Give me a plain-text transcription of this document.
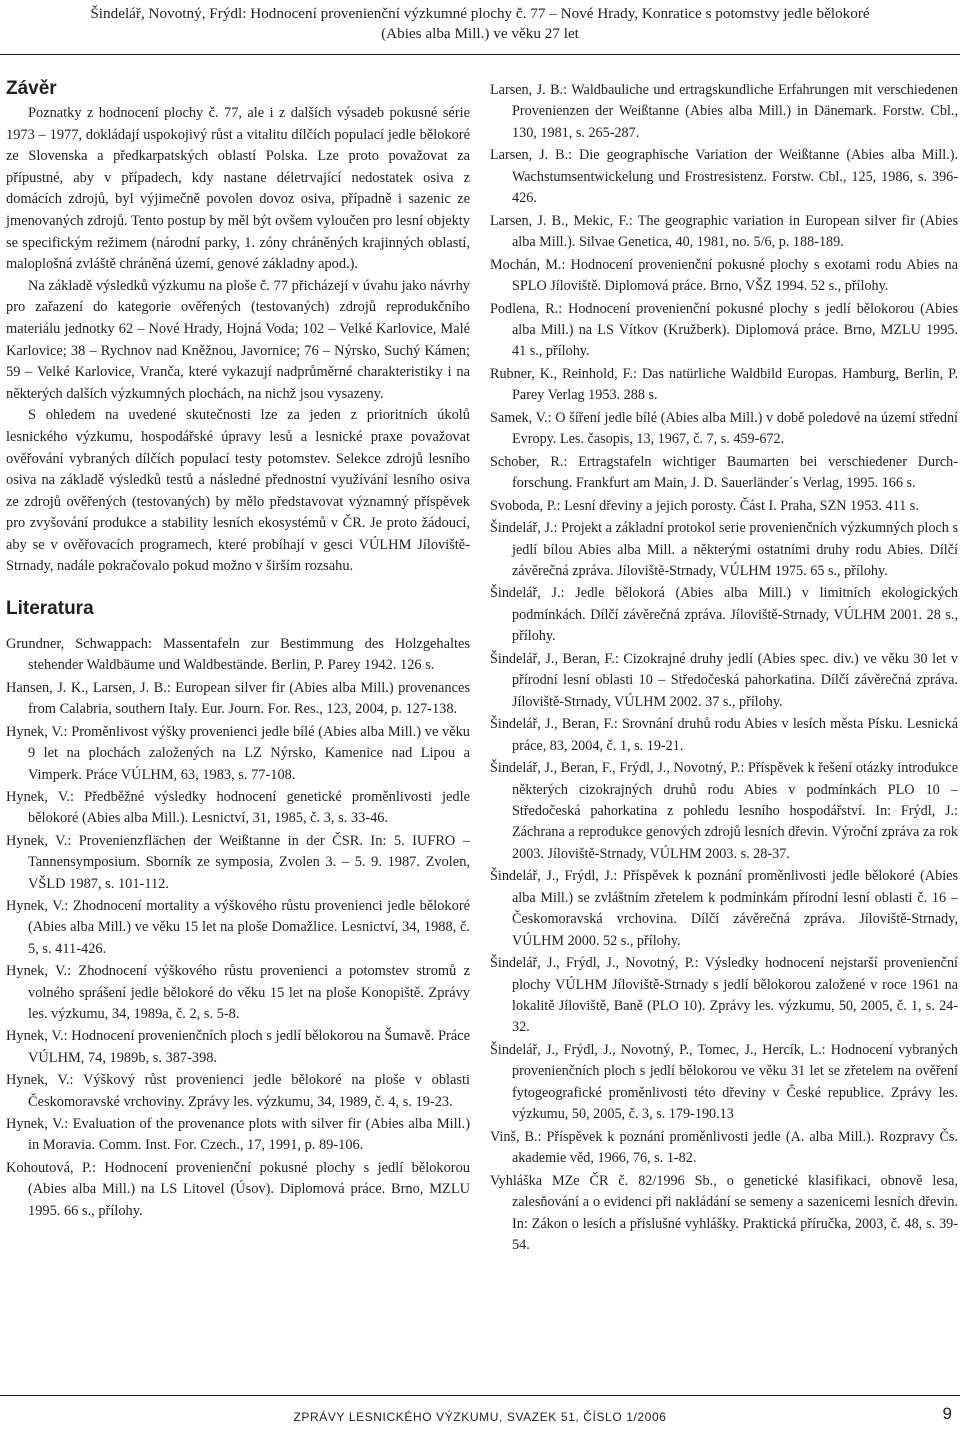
Šindelář, Novotný, Frýdl: Hodnocení provenienční výzkumné plochy č. 77 – Nové Hrady, Konratice s potomstvy jedle bělokoré
(Abies alba Mill.) ve věku 27 let
Závěr

Poznatky z hodnocení plochy č. 77, ale i z dalších výsadeb pokusné série 1973 – 1977, dokládají uspokojivý růst a vitalitu dílčích populací jedle bělokoré ze Slovenska a předkarpatských oblastí Polska. Lze proto považovat za přípustné, aby v případech, kdy nastane déletrvající nedostatek osiva z domácích zdrojů, byl výjimečně povolen dovoz osiva, případně i sazenic ze jmenovaných zdrojů. Tento postup by měl být ovšem vyloučen pro lesní objekty se specifickým režimem (národní parky, 1. zóny chráněných krajinných oblastí, maloplošná zvláště chráněná území, genové základny apod.).

Na základě výsledků výzkumu na ploše č. 77 přicházejí v úvahu jako návrhy pro zařazení do kategorie ověřených (testovaných) zdrojů reprodukčního materiálu jednotky 62 – Nové Hrady, Hojná Voda; 102 – Velké Karlovice, Malé Karlovice; 38 – Rychnov nad Kněžnou, Javornice; 76 – Nýrsko, Suchý Kámen; 59 – Velké Karlovice, Vranča, které vykazují nadprůměrné charakteristiky i na některých dalších výzkumných plochách, na nichž jsou vysazeny.

S ohledem na uvedené skutečnosti lze za jeden z prioritních úkolů lesnického výzkumu, hospodářské úpravy lesů a lesnické praxe považovat ověřování vybraných dílčích populací testy potomstev. Selekce zdrojů lesního osiva na základě výsledků testů a následné přednostní využívání lesního osiva ze zdrojů ověřených (testovaných) by mělo představovat významný příspěvek pro zvyšování produkce a stability lesních ekosystémů v ČR. Je proto žádoucí, aby se v ověřovacích programech, které probíhají v gesci VÚLHM Jíloviště-Strnady, nadále pokračovalo pokud možno v širším rozsahu.

Literatura
Grundner, Schwappach: Massentafeln zur Bestimmung des Holzgehaltes stehender Waldbäume und Waldbestände. Berlin, P. Parey 1942. 126 s.
Hansen, J. K., Larsen, J. B.: European silver fir (Abies alba Mill.) provenances from Calabria, southern Italy. Eur. Journ. For. Res., 123, 2004, p. 127-138.
Hynek, V.: Proměnlivost výšky provenienci jedle bílé (Abies alba Mill.) ve věku 9 let na plochách založených na LZ Nýrsko, Kamenice nad Lipou a Vimperk. Práce VÚLHM, 63, 1983, s. 77-108.
Hynek, V.: Předběžné výsledky hodnocení genetické proměnlivosti jedle bělokoré (Abies alba Mill.). Lesnictví, 31, 1985, č. 3, s. 33-46.
Hynek, V.: Provenienzflächen der Weißtanne in der ČSR. In: 5. IUFRO – Tannensymposium. Sborník ze symposia, Zvolen 3. – 5. 9. 1987. Zvolen, VŠLD 1987, s. 101-112.
Hynek, V.: Zhodnocení mortality a výškového růstu provenienci jedle bělokoré (Abies alba Mill.) ve věku 15 let na ploše Domažlice. Lesnictví, 34, 1988, č. 5, s. 411-426.
Hynek, V.: Zhodnocení výškového růstu provenienci a potomstev stromů z volného sprášení jedle bělokoré do věku 15 let na ploše Konopiště. Zprávy les. výzkumu, 34, 1989a, č. 2, s. 5-8.
Hynek, V.: Hodnocení provenienčních ploch s jedlí bělokorou na Šumavě. Práce VÚLHM, 74, 1989b, s. 387-398.
Hynek, V.: Výškový růst provenienci jedle bělokoré na ploše v oblasti Českomoravské vrchoviny. Zprávy les. výzkumu, 34, 1989, č. 4, s. 19-23.
Hynek, V.: Evaluation of the provenance plots with silver fir (Abies alba Mill.) in Moravia. Comm. Inst. For. Czech., 17, 1991, p. 89-106.
Kohoutová, P.: Hodnocení provenienční pokusné plochy s jedlí bělokorou (Abies alba Mill.) na LS Litovel (Úsov). Diplomová práce. Brno, MZLU 1995. 66 s., přílohy.
Larsen, J. B.: Waldbauliche und ertragskundliche Erfahrungen mit verschiedenen Provenienzen der Weißtanne (Abies alba Mill.) in Dänemark. Forstw. Cbl., 130, 1981, s. 265-287.
Larsen, J. B.: Die geographische Variation der Weißtanne (Abies alba Mill.). Wachstumsentwickelung und Frostresistenz. Forstw. Cbl., 125, 1986, s. 396-426.
Larsen, J. B., Mekic, F.: The geographic variation in European silver fir (Abies alba Mill.). Silvae Genetica, 40, 1981, no. 5/6, p. 188-189.
Mochán, M.: Hodnocení provenienční pokusné plochy s exotami rodu Abies na SPLO Jíloviště. Diplomová práce. Brno, VŠZ 1994. 52 s., přílohy.
Podlena, R.: Hodnocení provenienční pokusné plochy s jedlí bělokorou (Abies alba Mill.) na LS Vítkov (Kružberk). Diplomová práce. Brno, MZLU 1995. 41 s., přílohy.
Rubner, K., Reinhold, F.: Das natürliche Waldbild Europas. Hamburg, Berlin, P. Parey Verlag 1953. 288 s.
Samek, V.: O šíření jedle bílé (Abies alba Mill.) v době poledové na území střední Evropy. Les. časopis, 13, 1967, č. 7, s. 459-672.
Schober, R.: Ertragstafeln wichtiger Baumarten bei verschiedener Durchforschung. Frankfurt am Main, J. D. Sauerländer´s Verlag, 1995. 166 s.
Svoboda, P.: Lesní dřeviny a jejich porosty. Část I. Praha, SZN 1953. 411 s.
Šindelář, J.: Projekt a základní protokol serie provenienčních výzkumných ploch s jedlí bílou Abies alba Mill. a některými ostatními druhy rodu Abies. Dílčí závěrečná zpráva. Jíloviště-Strnady, VÚLHM 1975. 65 s., přílohy.
Šindelář, J.: Jedle bělokorá (Abies alba Mill.) v limitních ekologických podmínkách. Dílčí závěrečná zpráva. Jíloviště-Strnady, VÚLHM 2001. 28 s., přílohy.
Šindelář, J., Beran, F.: Cizokrajné druhy jedlí (Abies spec. div.) ve věku 30 let v přírodní lesní oblasti 10 – Středočeská pahorkatina. Dílčí závěrečná zpráva. Jíloviště-Strnady, VÚLHM 2002. 37 s., přílohy.
Šindelář, J., Beran, F.: Srovnání druhů rodu Abies v lesích města Písku. Lesnická práce, 83, 2004, č. 1, s. 19-21.
Šindelář, J., Beran, F., Frýdl, J., Novotný, P.: Příspěvek k řešení otázky introdukce některých cizokrajných druhů rodu Abies v podmínkách PLO 10 – Středočeská pahorkatina z pohledu lesního hospodářství. In: Frýdl, J.: Záchrana a reprodukce genových zdrojů lesních dřevin. Výroční zpráva za rok 2003. Jíloviště-Strnady, VÚLHM 2003. s. 28-37.
Šindelář, J., Frýdl, J.: Příspěvek k poznání proměnlivosti jedle bělokoré (Abies alba Mill.) se zvláštním zřetelem k podmínkám přírodní lesní oblasti č. 16 – Českomoravská vrchovina. Dílčí závěrečná zpráva. Jíloviště-Strnady, VÚLHM 2000. 52 s., přílohy.
Šindelář, J., Frýdl, J., Novotný, P.: Výsledky hodnocení nejstarší provenienční plochy VÚLHM Jíloviště-Strnady s jedlí bělokorou založené v roce 1961 na lokalitě Jíloviště, Baně (PLO 10). Zprávy les. výzkumu, 50, 2005, č. 1, s. 24-32.
Šindelář, J., Frýdl, J., Novotný, P., Tomec, J., Hercík, L.: Hodnocení vybraných provenienčních ploch s jedlí bělokorou ve věku 31 let se zřetelem na ověření fytogeografické proměnlivosti této dřeviny v České republice. Zprávy les. výzkumu, 50, 2005, č. 3, s. 179-190.13
Vinš, B.: Příspěvek k poznání proměnlivosti jedle (A. alba Mill.). Rozpravy Čs. akademie věd, 1966, 76, s. 1-82.
Vyhláška MZe ČR č. 82/1996 Sb., o genetické klasifikaci, obnově lesa, zalesňování a o evidenci při nakládání se semeny a sazenicemi lesních dřevin. In: Zákon o lesích a příslušné vyhlášky. Praktická příručka, 2003, č. 48, s. 39-54.
ZPRÁVY LESNICKÉHO VÝZKUMU, SVAZEK 51, ČÍSLO 1/2006	9
